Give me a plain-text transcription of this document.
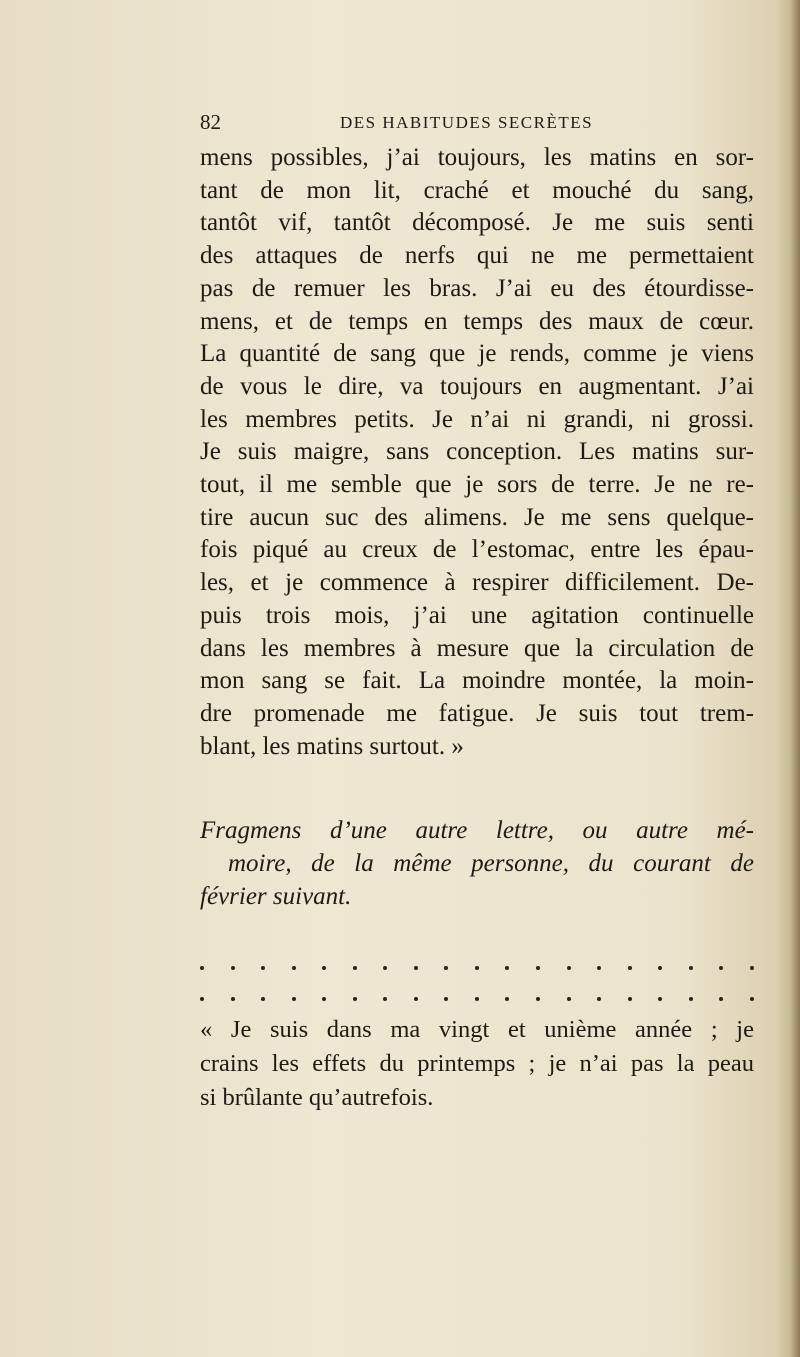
82	DES HABITUDES SECRÈTES
mens possibles, j’ai toujours, les matins en sor-
tant de mon lit, craché et mouché du sang,
tantôt vif, tantôt décomposé. Je me suis senti
des attaques de nerfs qui ne me permettaient
pas de remuer les bras. J’ai eu des étourdisse-
mens, et de temps en temps des maux de cœur.
La quantité de sang que je rends, comme je viens
de vous le dire, va toujours en augmentant. J’ai
les membres petits. Je n’ai ni grandi, ni grossi.
Je suis maigre, sans conception. Les matins sur-
tout, il me semble que je sors de terre. Je ne re-
tire aucun suc des alimens. Je me sens quelque-
fois piqué au creux de l’estomac, entre les épau-
les, et je commence à respirer difficilement. De-
puis trois mois, j’ai une agitation continuelle
dans les membres à mesure que la circulation de
mon sang se fait. La moindre montée, la moin-
dre promenade me fatigue. Je suis tout trem-
blant, les matins surtout. »
Fragmens d’une autre lettre, ou autre mé-
moire, de la même personne, du courant de
février suivant.
« Je suis dans ma vingt et unième année ; je
crains les effets du printemps ; je n’ai pas la peau
si brûlante qu’autrefois.
